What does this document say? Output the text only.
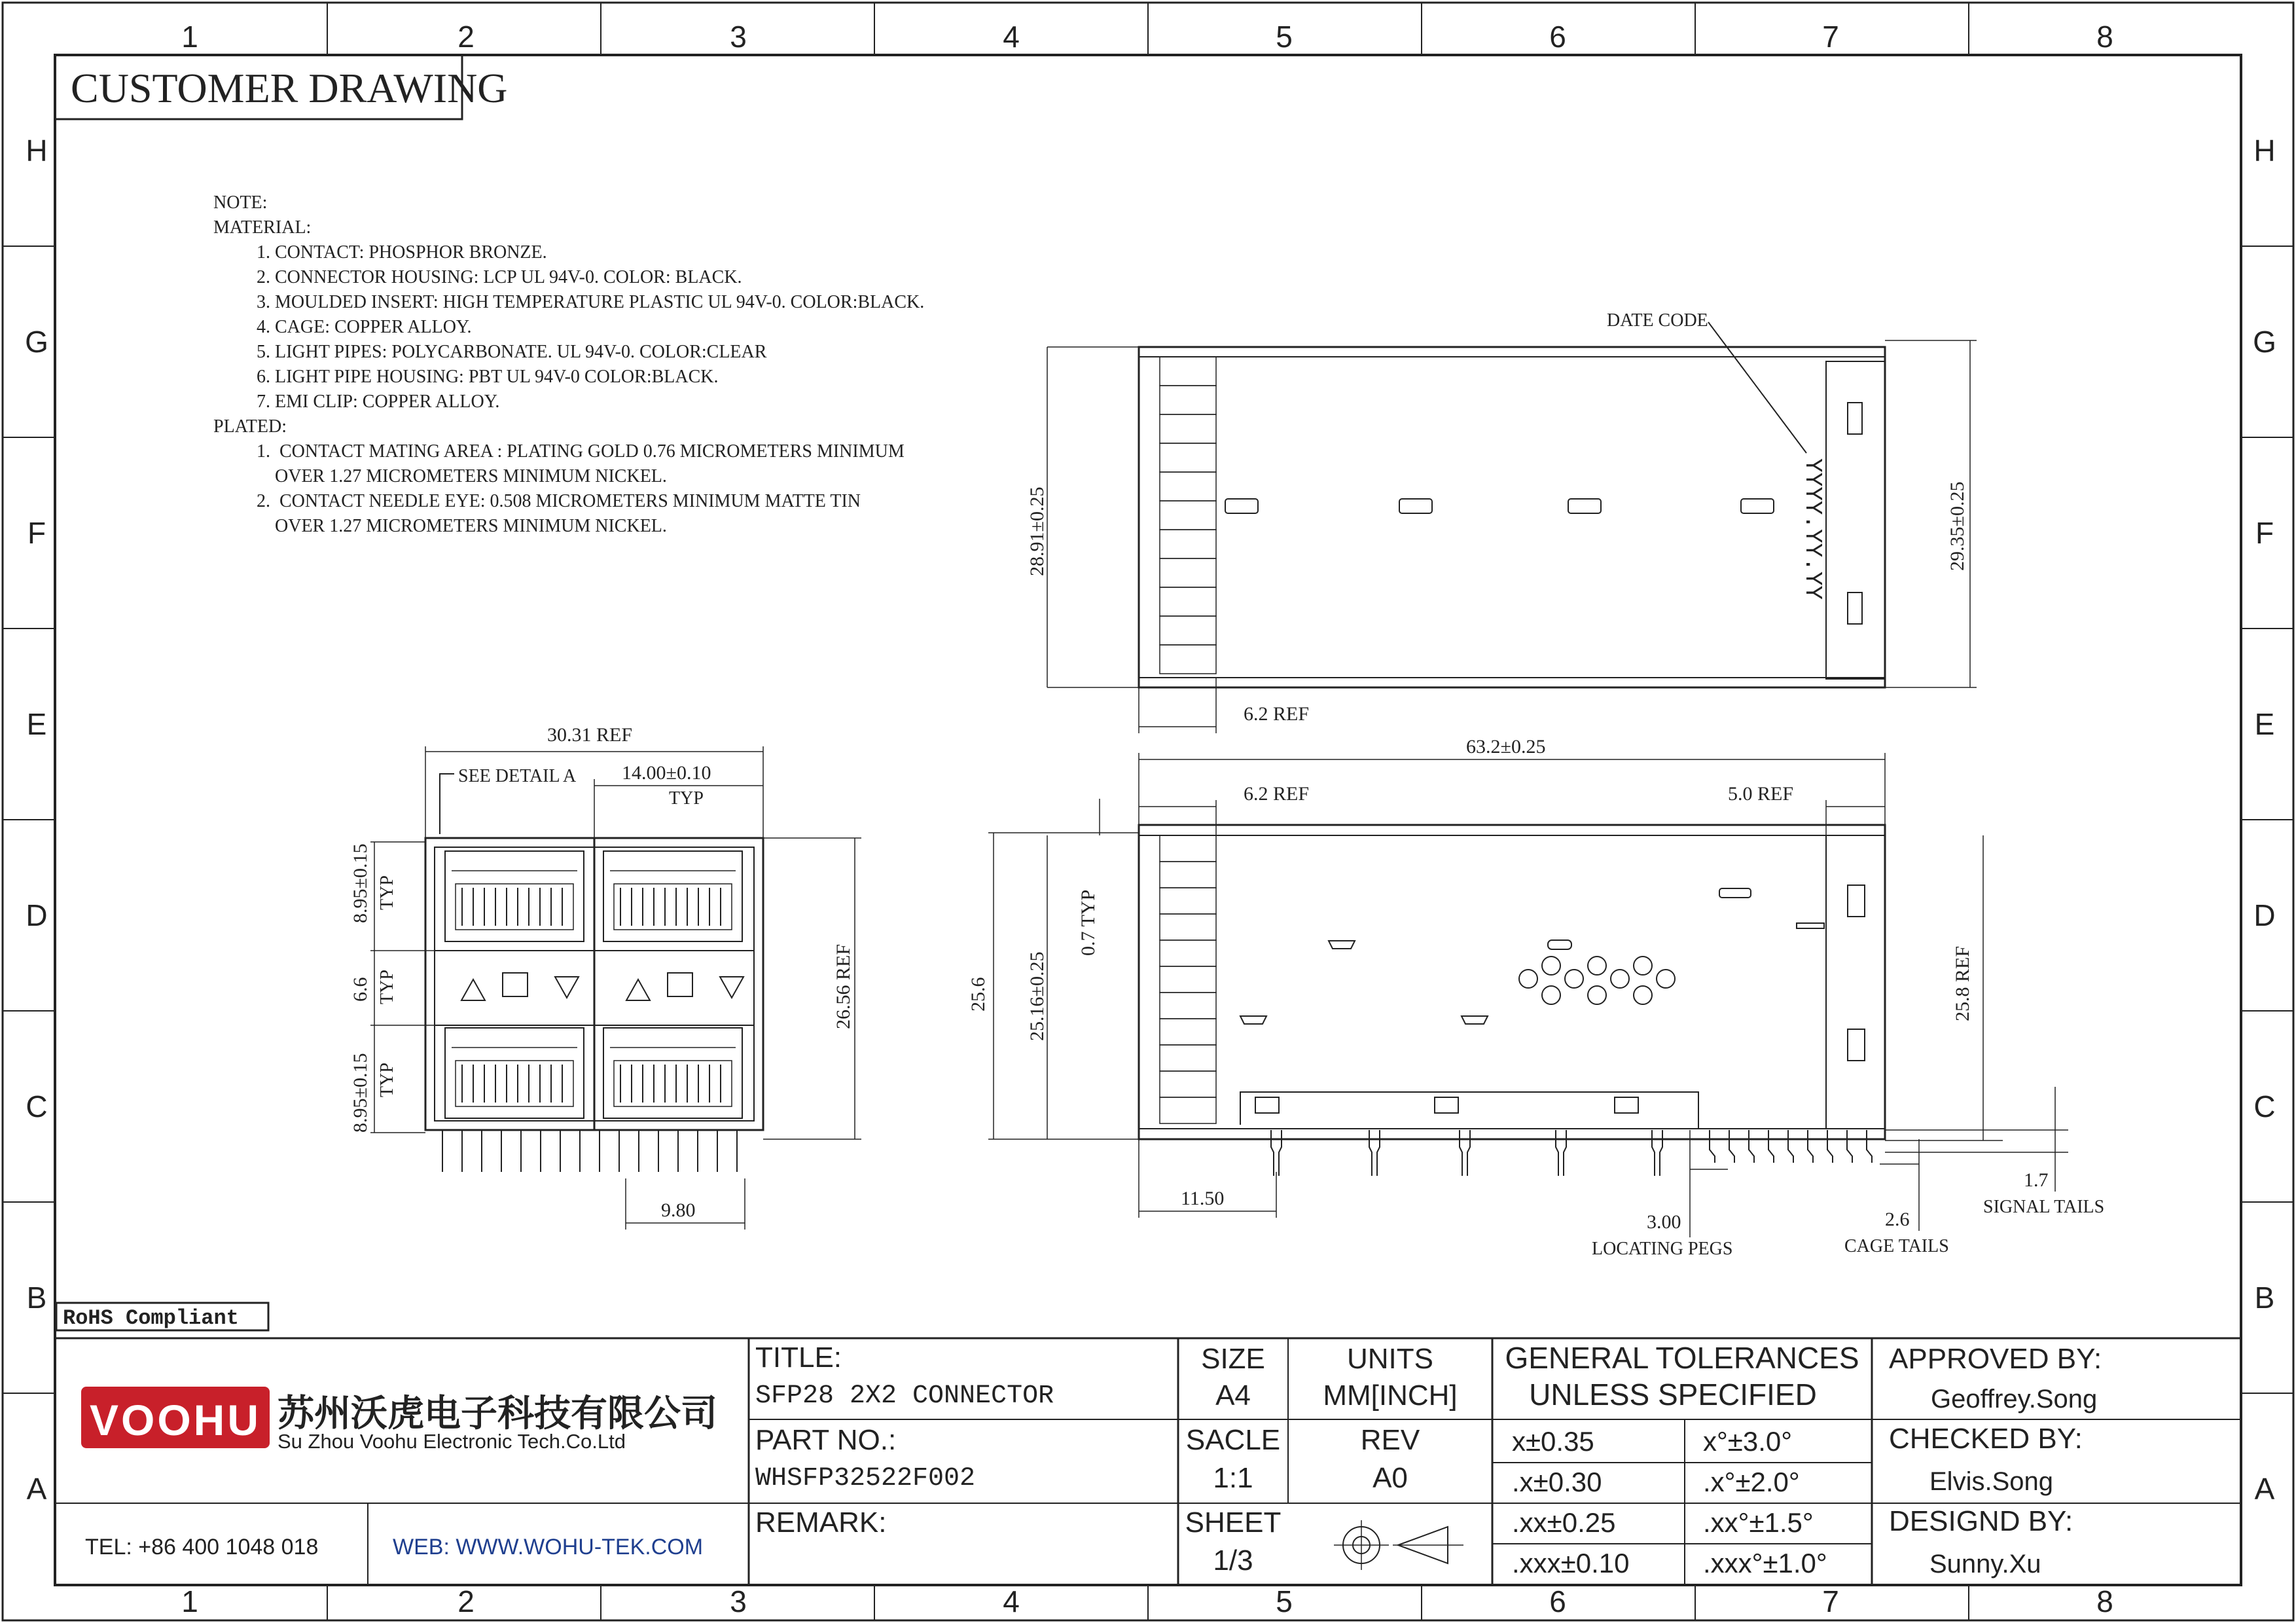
1	2	3	4	5	6	7	8
1	2	3	4	5	6	7	8
H
G
F
E
D
C
B
A
H
G
F
E
D
C
B
A
CUSTOMER DRAWING
NOTE:
MATERIAL:
1. CONTACT: PHOSPHOR BRONZE.
2. CONNECTOR HOUSING: LCP UL 94V-0. COLOR: BLACK.
3. MOULDED INSERT: HIGH TEMPERATURE PLASTIC UL 94V-0. COLOR:BLACK.
4. CAGE: COPPER ALLOY.
5. LIGHT PIPES: POLYCARBONATE. UL 94V-0. COLOR:CLEAR
6. LIGHT PIPE HOUSING: PBT UL 94V-0 COLOR:BLACK.
7. EMI CLIP: COPPER ALLOY.
PLATED:
1.  CONTACT MATING AREA : PLATING GOLD 0.76 MICROMETERS MINIMUM
OVER 1.27 MICROMETERS MINIMUM NICKEL.
2.  CONTACT NEEDLE EYE: 0.508 MICROMETERS MINIMUM MATTE TIN
OVER 1.27 MICROMETERS MINIMUM NICKEL.
DATE CODE
YYYY.YY.YY
28.91±0.25	29.35±0.25
6.2 REF
63.2±0.25
6.2 REF	5.0 REF
25.6 25.16±0.25
0.7 TYP
25.8 REF
11.50
3.00
LOCATING PEGS
2.6
CAGE TAILS
1.7
SIGNAL TAILS
30.31 REF
SEE DETAIL A 14.00±0.10
TYP
8.95±0.15 TYP
6.6 TYP
8.95±0.15 TYP
26.56 REF
9.80
RoHS Compliant
VOOHU 苏州沃虎电子科技有限公司
Su Zhou Voohu Electronic Tech.Co.Ltd
TEL: +86 400 1048 018	WEB: WWW.WOHU-TEK.COM
TITLE:
SFP28 2X2 CONNECTOR
PART NO.:
WHSFP32522F002
REMARK:
SIZE
A4
UNITS
MM[INCH]
SACLE
1:1
REV
A0
SHEET
1/3
GENERAL TOLERANCES
UNLESS SPECIFIED
x±0.35	x°±3.0°
.x±0.30	.x°±2.0°
.xx±0.25	.xx°±1.5°
.xxx±0.10	.xxx°±1.0°
APPROVED BY:
Geoffrey.Song
CHECKED BY:
Elvis.Song
DESIGND BY:
Sunny.Xu
